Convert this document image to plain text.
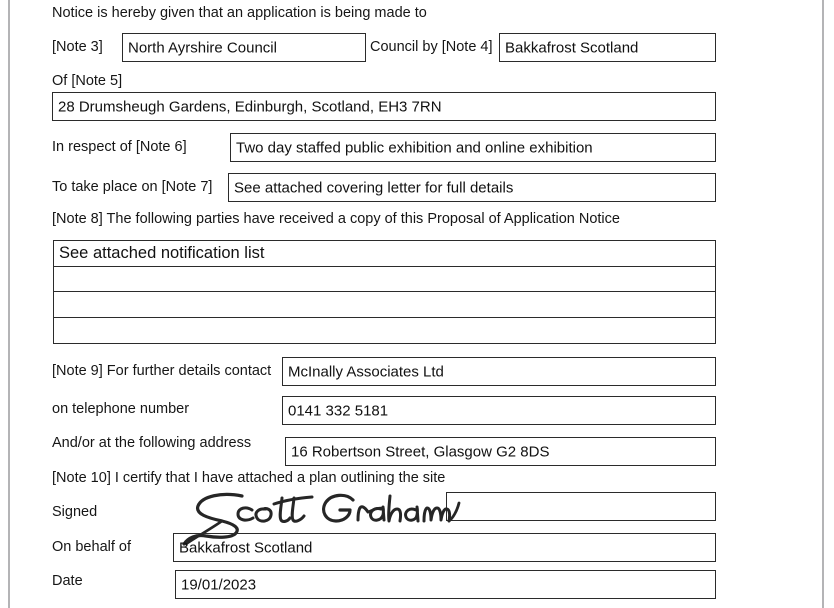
Notice is hereby given that an application is being made to
[Note 3] North Ayrshire Council	Council by [Note 4] Bakkafrost Scotland
Of [Note 5]
28 Drumsheugh Gardens, Edinburgh, Scotland, EH3 7RN
In respect of [Note 6]	Two day staffed public exhibition and online exhibition
To take place on [Note 7] See attached covering letter for full details
[Note 8] The following parties have received a copy of this Proposal of Application Notice
See attached notification list
[Note 9] For further details contact McInally Associates Ltd
on telephone number	0141 332 5181
And/or at the following address	16 Robertson Street, Glasgow G2 8DS
[Note 10] I certify that I have attached a plan outlining the site
Signed
On behalf of	Bakkafrost Scotland
Date	19/01/2023
